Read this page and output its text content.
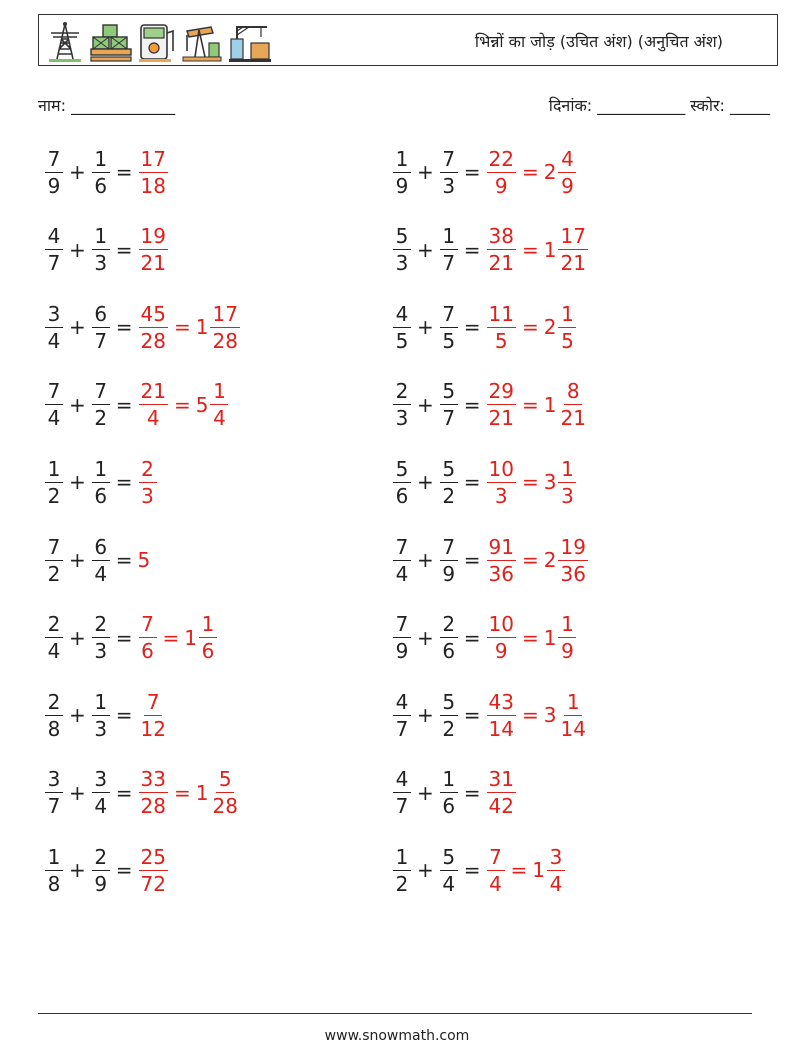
भिन्नों का जोड़ (उचित अंश) (अनुचित अंश)
नाम: _____________	दिनांक: ___________ स्कोर: _____
$\frac{7}{9} + \frac{1}{6} = \frac{17}{18}$	$\frac{1}{9} + \frac{7}{3} = \frac{22}{9} = 2 \frac{4}{9}$
$\frac{4}{7} + \frac{1}{3} = \frac{19}{21}$	$\frac{5}{3} + \frac{1}{7} = \frac{38}{21} = 1 \frac{17}{21}$
$\frac{3}{4} + \frac{6}{7} = \frac{45}{28} = 1 \frac{17}{28}$	$\frac{4}{5} + \frac{7}{5} = \frac{11}{5} = 2 \frac{1}{5}$
$\frac{7}{4} + \frac{7}{2} = \frac{21}{4} = 5 \frac{1}{4}$	$\frac{2}{3} + \frac{5}{7} = \frac{29}{21} = 1 \frac{8}{21}$
$\frac{1}{2} + \frac{1}{6} = \frac{2}{3}$	$\frac{5}{6} + \frac{5}{2} = \frac{10}{3} = 3 \frac{1}{3}$
$\frac{7}{2} + \frac{6}{4} = 5$	$\frac{7}{4} + \frac{7}{9} = \frac{91}{36} = 2 \frac{19}{36}$
$\frac{2}{4} + \frac{2}{3} = \frac{7}{6} = 1 \frac{1}{6}$	$\frac{7}{9} + \frac{2}{6} = \frac{10}{9} = 1 \frac{1}{9}$
$\frac{2}{8} + \frac{1}{3} = \frac{7}{12}$	$\frac{4}{7} + \frac{5}{2} = \frac{43}{14} = 3 \frac{1}{14}$
$\frac{3}{7} + \frac{3}{4} = \frac{33}{28} = 1 \frac{5}{28}$	$\frac{4}{7} + \frac{1}{6} = \frac{31}{42}$
$\frac{1}{8} + \frac{2}{9} = \frac{25}{72}$	$\frac{1}{2} + \frac{5}{4} = \frac{7}{4} = 1 \frac{3}{4}$
www.snowmath.com
